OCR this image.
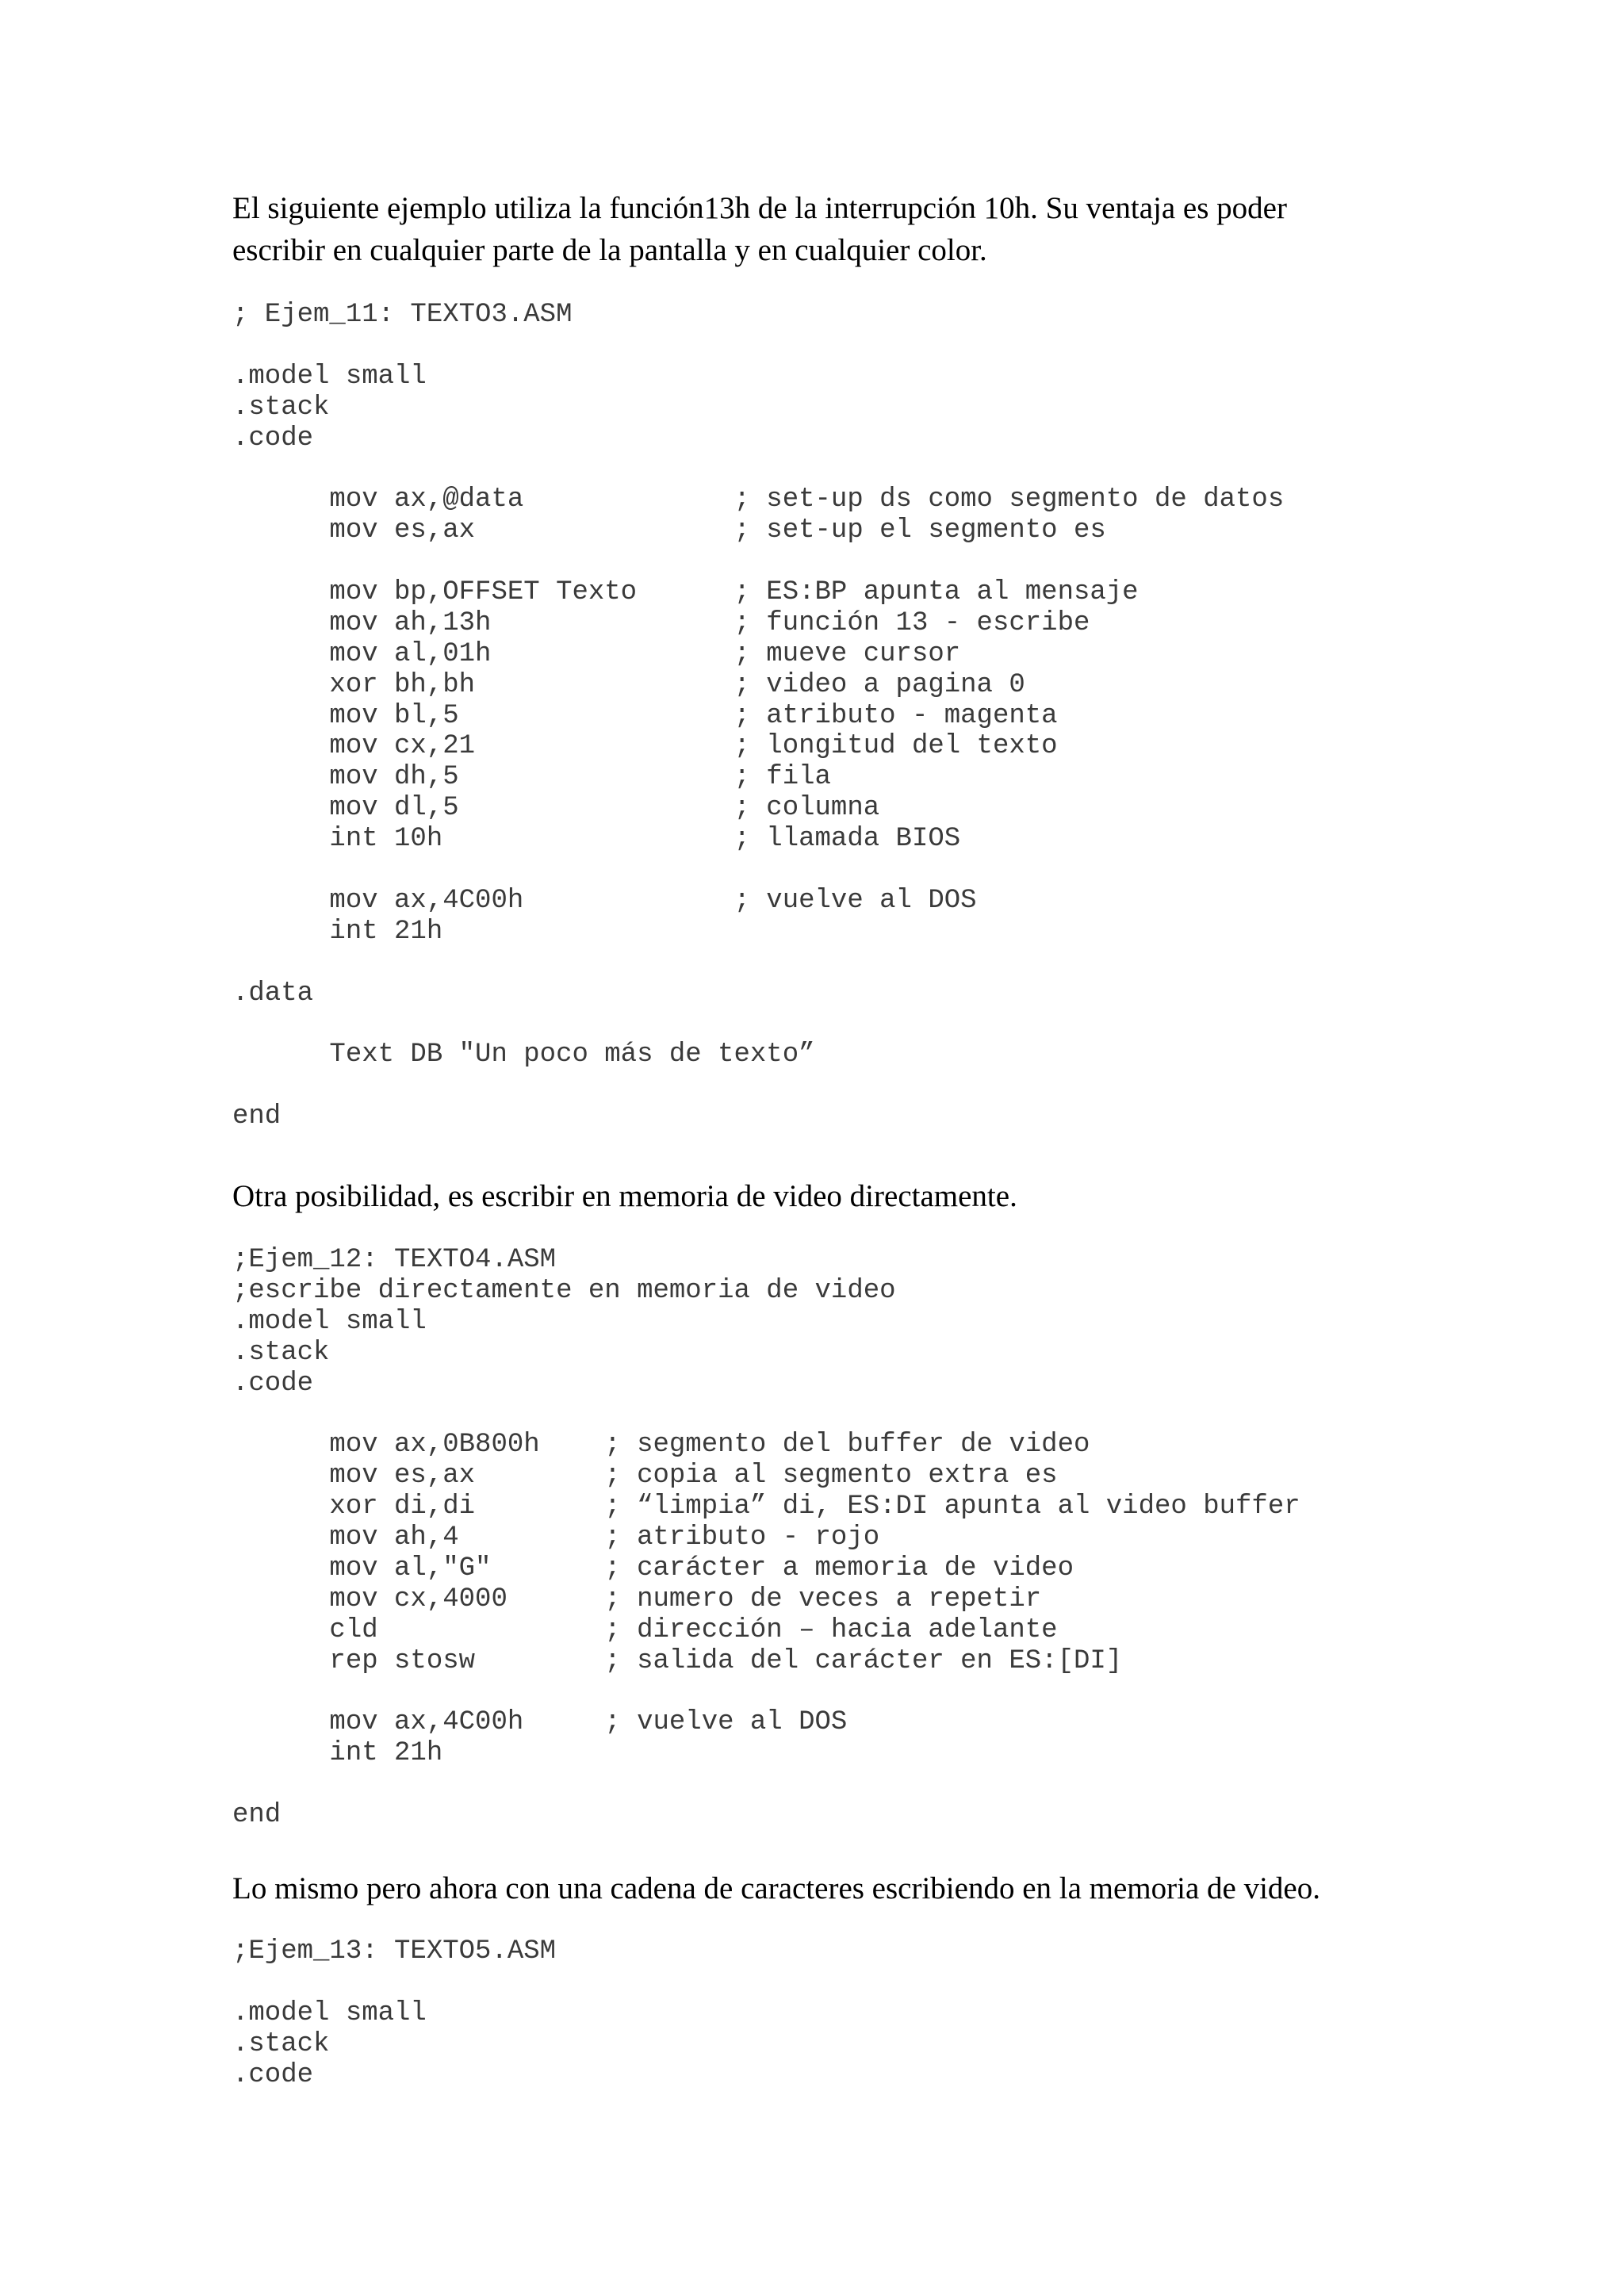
El siguiente ejemplo utiliza la función13h de la interrupción 10h. Su ventaja es poder
escribir en cualquier parte de la pantalla y en cualquier color.

; Ejem_11: TEXTO3.ASM
.model small
.stack
.code
mov ax,@data             ; set-up ds como segmento de datos
mov es,ax                ; set-up el segmento es
mov bp,OFFSET Texto      ; ES:BP apunta al mensaje
mov ah,13h               ; función 13 - escribe
mov al,01h               ; mueve cursor
xor bh,bh                ; video a pagina 0
mov bl,5                 ; atributo - magenta
mov cx,21                ; longitud del texto
mov dh,5                 ; fila
mov dl,5                 ; columna
int 10h                  ; llamada BIOS
mov ax,4C00h             ; vuelve al DOS
int 21h
.data
Text DB "Un poco más de texto”
end

Otra posibilidad, es escribir en memoria de video directamente.

;Ejem_12: TEXTO4.ASM
;escribe directamente en memoria de video
.model small
.stack
.code
mov ax,0B800h    ; segmento del buffer de video
mov es,ax        ; copia al segmento extra es
xor di,di        ; “limpia” di, ES:DI apunta al video buffer
mov ah,4         ; atributo - rojo
mov al,"G"       ; carácter a memoria de video
mov cx,4000      ; numero de veces a repetir
cld              ; dirección – hacia adelante
rep stosw        ; salida del carácter en ES:[DI]
mov ax,4C00h     ; vuelve al DOS
int 21h
end

Lo mismo pero ahora con una cadena de caracteres escribiendo en la memoria de video.

;Ejem_13: TEXTO5.ASM
.model small
.stack
.code
